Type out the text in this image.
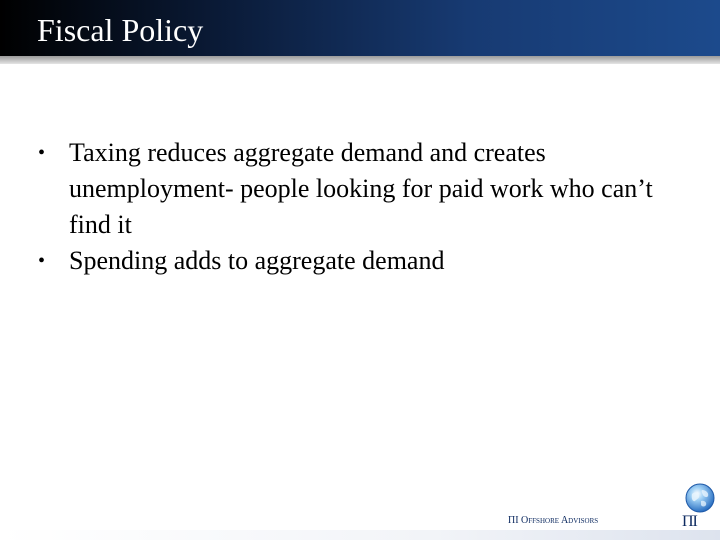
Fiscal Policy
• Taxing reduces aggregate demand and creates unemployment- people looking for paid work who can’t find it
• Spending adds to aggregate demand
ΠΙ Offshore Advisors	ΠΙ
